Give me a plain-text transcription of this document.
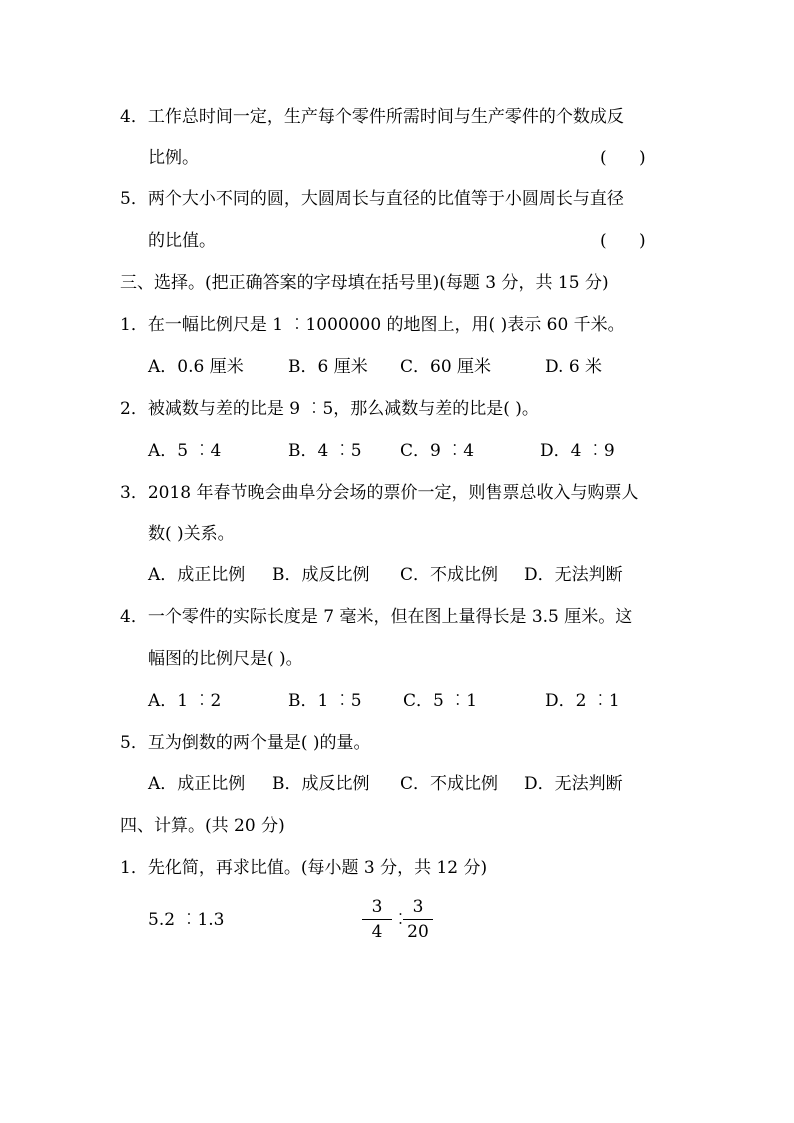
4．工作总时间一定，生产每个零件所需时间与生产零件的个数成反
比例。	(      )
5．两个大小不同的圆，大圆周长与直径的比值等于小圆周长与直径
的比值。	(      )
三、选择。(把正确答案的字母填在括号里)(每题 3 分，共 15 分)
1．在一幅比例尺是 1 ︰1000000 的地图上，用( )表示 60 千米。
A．0.6 厘米	B．6 厘米 C．60 厘米	D. 6 米
2．被减数与差的比是 9 ︰5，那么减数与差的比是( )。
A．5 ︰4	B．4 ︰5 C．9 ︰4	D．4 ︰9
3．2018 年春节晚会曲阜分会场的票价一定，则售票总收入与购票人
数( )关系。
A．成正比例 B．成反比例 C．不成比例 D．无法判断
4．一个零件的实际长度是 7 毫米，但在图上量得长是 3.5 厘米。这
幅图的比例尺是( )。
A．1 ︰2	B．1 ︰5 C．5 ︰1	D．2 ︰1
5．互为倒数的两个量是( )的量。
A．成正比例 B．成反比例 C．不成比例 D．无法判断
四、计算。(共 20 分)
1．先化简，再求比值。(每小题 3 分，共 12 分)
5.2 ︰1.3
3
4
︰
3
20
